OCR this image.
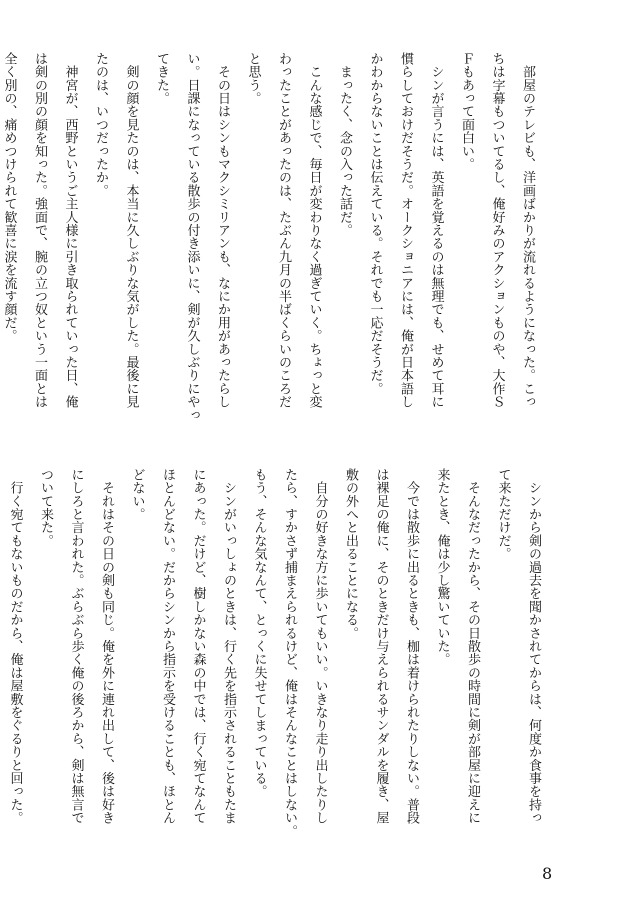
　部屋のテレビも、洋画ばかりが流れるようになった。こっ

ちは字幕もついてるし、俺好みのアクションものや、大作Ｓ

Ｆもあって面白い。

　シンが言うには、英語を覚えるのは無理でも、せめて耳に

慣らしておけだそうだ。オークショニアには、俺が日本語し

かわからないことは伝えている。それでも一応だそうだ。

　まったく、念の入った話だ。

　こんな感じで、毎日が変わりなく過ぎていく。ちょっと変

わったことがあったのは、たぶん九月の半ばくらいのころだ

と思う。

　その日はシンもマクシミリアンも、なにか用があったらし

い。日課になっている散歩の付き添いに、剣が久しぶりにやっ

てきた。

　剣の顔を見たのは、本当に久しぶりな気がした。最後に見

たのは、いつだったか。

　神宮が、西野というご主人様に引き取られていった日、俺

は剣の別の顔を知った。強面で、腕の立つ奴という一面とは

全く別の、痛めつけられて歓喜に涙を流す顔だ。

　シンから剣の過去を聞かされてからは、何度か食事を持っ

て来ただけだ。

　そんなだったから、その日散歩の時間に剣が部屋に迎えに

来たとき、俺は少し驚いていた。

　今では散歩に出るときも、枷は着けられたりしない。普段

は裸足の俺に、そのときだけ与えられるサンダルを履き、屋

敷の外へと出ることになる。

　自分の好きな方に歩いてもいい。いきなり走り出したりし

たら、すかさず捕まえられるけど、俺はそんなことはしない。

もう、そんな気なんて、とっくに失せてしまっている。

　シンがいっしょのときは、行く先を指示されることもたま

にあった。だけど、樹しかない森の中では、行く宛てなんて

ほとんどない。だからシンから指示を受けることも、ほとん

どない。

　それはその日の剣も同じ。俺を外に連れ出して、後は好き

にしろと言われた。ぶらぶら歩く俺の後ろから、剣は無言で

ついて来た。

　行く宛てもないものだから、俺は屋敷をぐるりと回った。

8
